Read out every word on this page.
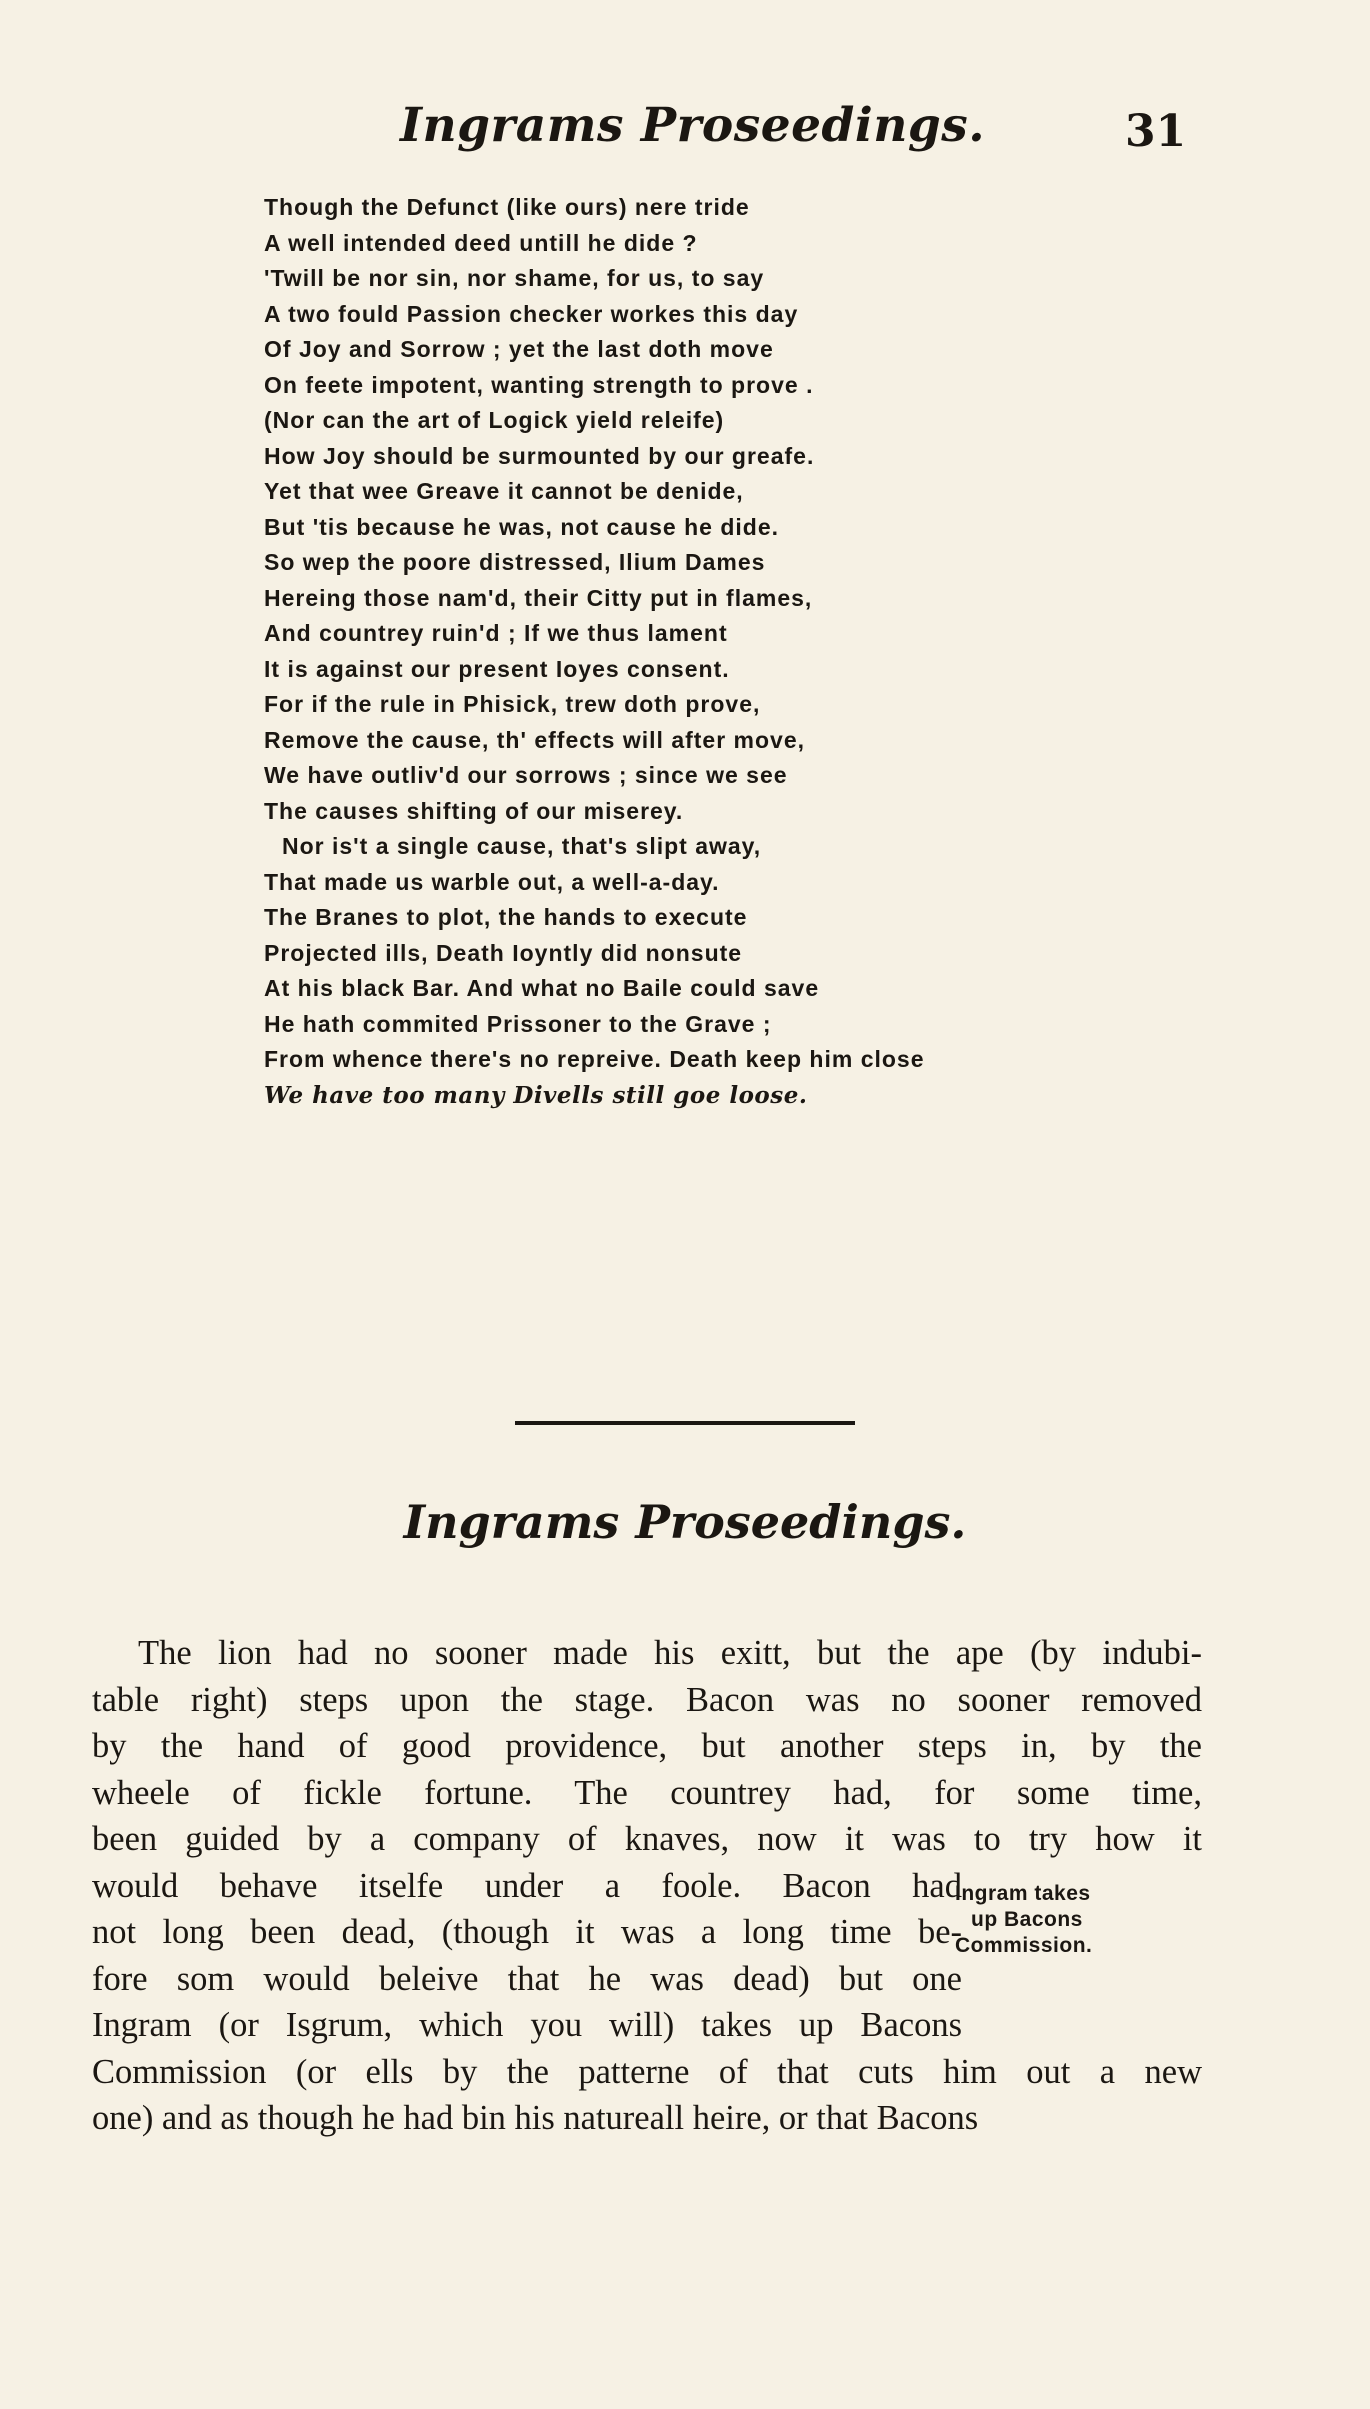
Ingrams Proseedings.	31
Though the Defunct (like ours) nere tride
A well intended deed untill he dide ?
'Twill be nor sin, nor shame, for us, to say
A two fould Passion checker workes this day
Of Joy and Sorrow ; yet the last doth move
On feete impotent, wanting strength to prove .
(Nor can the art of Logick yield releife)
How Joy should be surmounted by our greafe.
Yet that wee Greave it cannot be denide,
But 'tis because he was, not cause he dide.
So wep the poore distressed, Ilium Dames
Hereing those nam'd, their Citty put in flames,
And countrey ruin'd ; If we thus lament
It is against our present Ioyes consent.
For if the rule in Phisick, trew doth prove,
Remove the cause, th' effects will after move,
We have outliv'd our sorrows ; since we see
The causes shifting of our miserey.
Nor is't a single cause, that's slipt away,
That made us warble out, a well-a-day.
The Branes to plot, the hands to execute
Projected ills, Death Ioyntly did nonsute
At his black Bar. And what no Baile could save
He hath commited Prissoner to the Grave ;
From whence there's no repreive. Death keep him close
We have too many Divells still goe loose.
Ingrams Proseedings.
The lion had no sooner made his exitt, but the ape (by indubi-
table right) steps upon the stage. Bacon was no sooner removed
by the hand of good providence, but another steps in, by the
wheele of fickle fortune. The countrey had, for some time,
been guided by a company of knaves, now it was to try how it
would behave itselfe under a foole. Bacon had
not long been dead, (though it was a long time be-
fore som would beleive that he was dead) but one
Ingram (or Isgrum, which you will) takes up Bacons
Commission (or ells by the patterne of that cuts him out a new
one) and as though he had bin his natureall heire, or that Bacons
Ingram takes
up Bacons
Commission.
